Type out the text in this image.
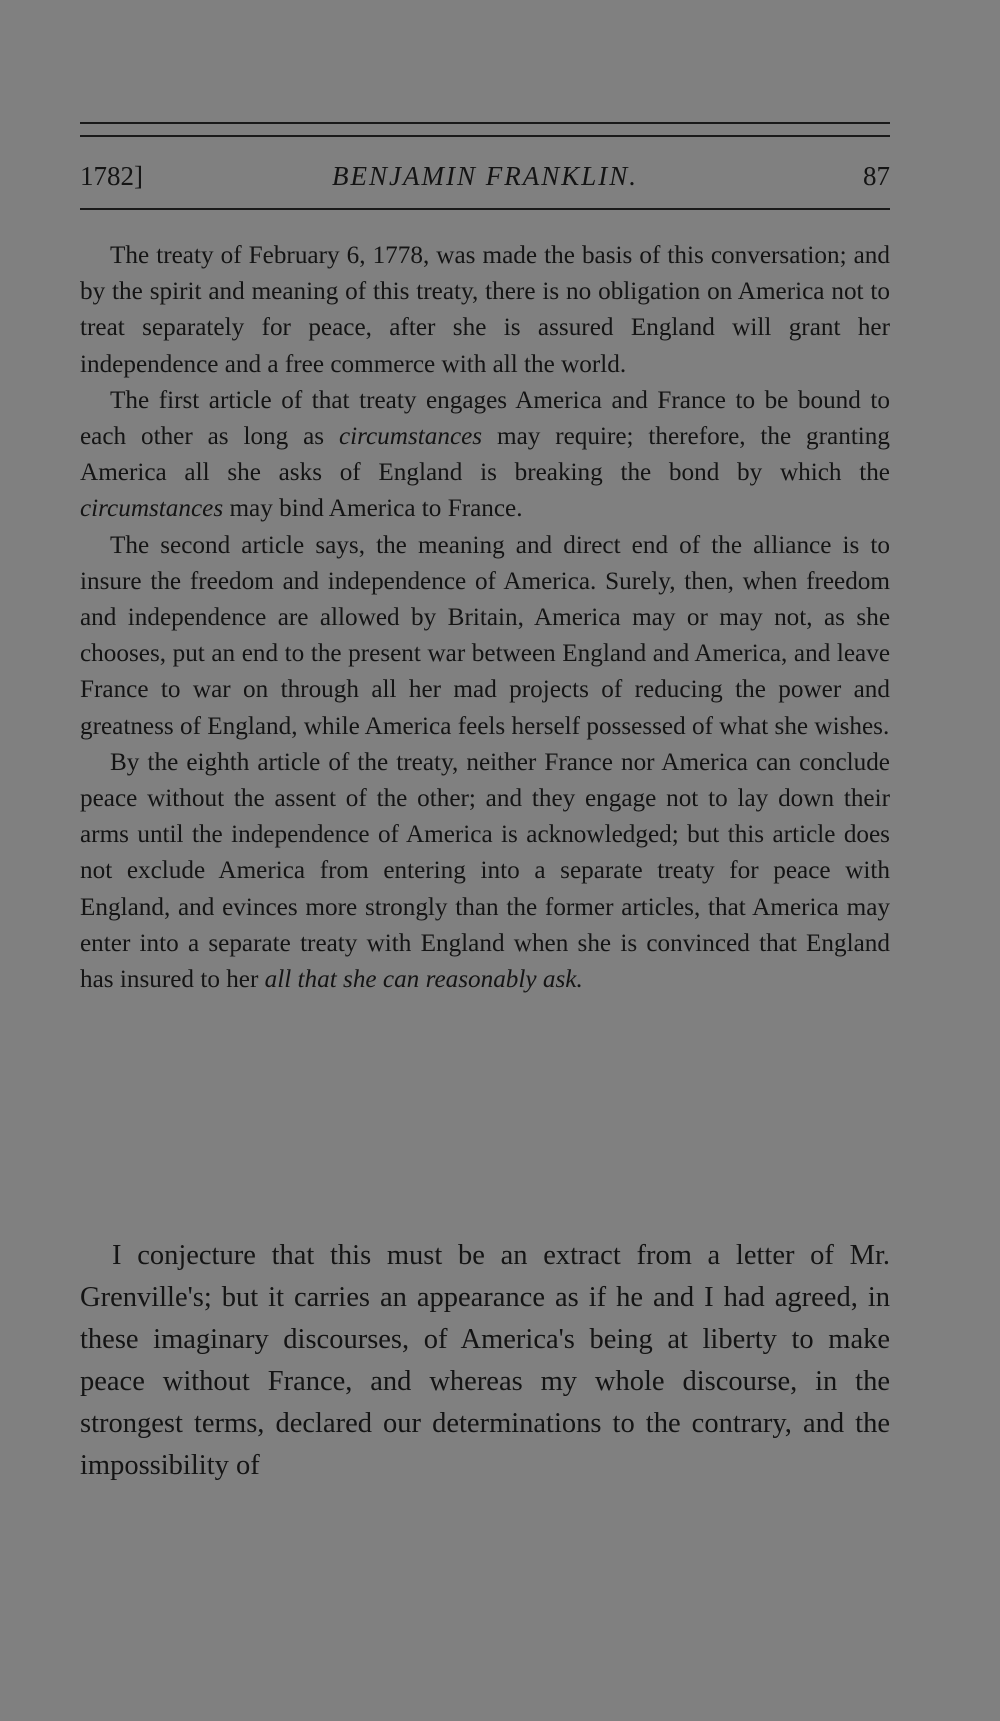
BENJAMIN FRANKLIN.
1782]	87

The treaty of February 6, 1778, was made the basis of this conversation; and by the spirit and meaning of this treaty, there is no obligation on America not to treat separately for peace, after she is assured England will grant her independence and a free commerce with all the world.

The first article of that treaty engages America and France to be bound to each other as long as circumstances may require; therefore, the granting America all she asks of England is breaking the bond by which the circumstances may bind America to France.

The second article says, the meaning and direct end of the alliance is to insure the freedom and independence of America. Surely, then, when freedom and independence are allowed by Britain, America may or may not, as she chooses, put an end to the present war between England and America, and leave France to war on through all her mad projects of reducing the power and greatness of England, while America feels herself possessed of what she wishes.

By the eighth article of the treaty, neither France nor America can conclude peace without the assent of the other; and they engage not to lay down their arms until the independence of America is acknowledged; but this article does not exclude America from entering into a separate treaty for peace with England, and evinces more strongly than the former articles, that America may enter into a separate treaty with England when she is convinced that England has insured to her all that she can reasonably ask.

I conjecture that this must be an extract from a letter of Mr. Grenville's; but it carries an appearance as if he and I had agreed, in these imaginary discourses, of America's being at liberty to make peace without France, and whereas my whole discourse, in the strongest terms, declared our determinations to the contrary, and the impossibility of
